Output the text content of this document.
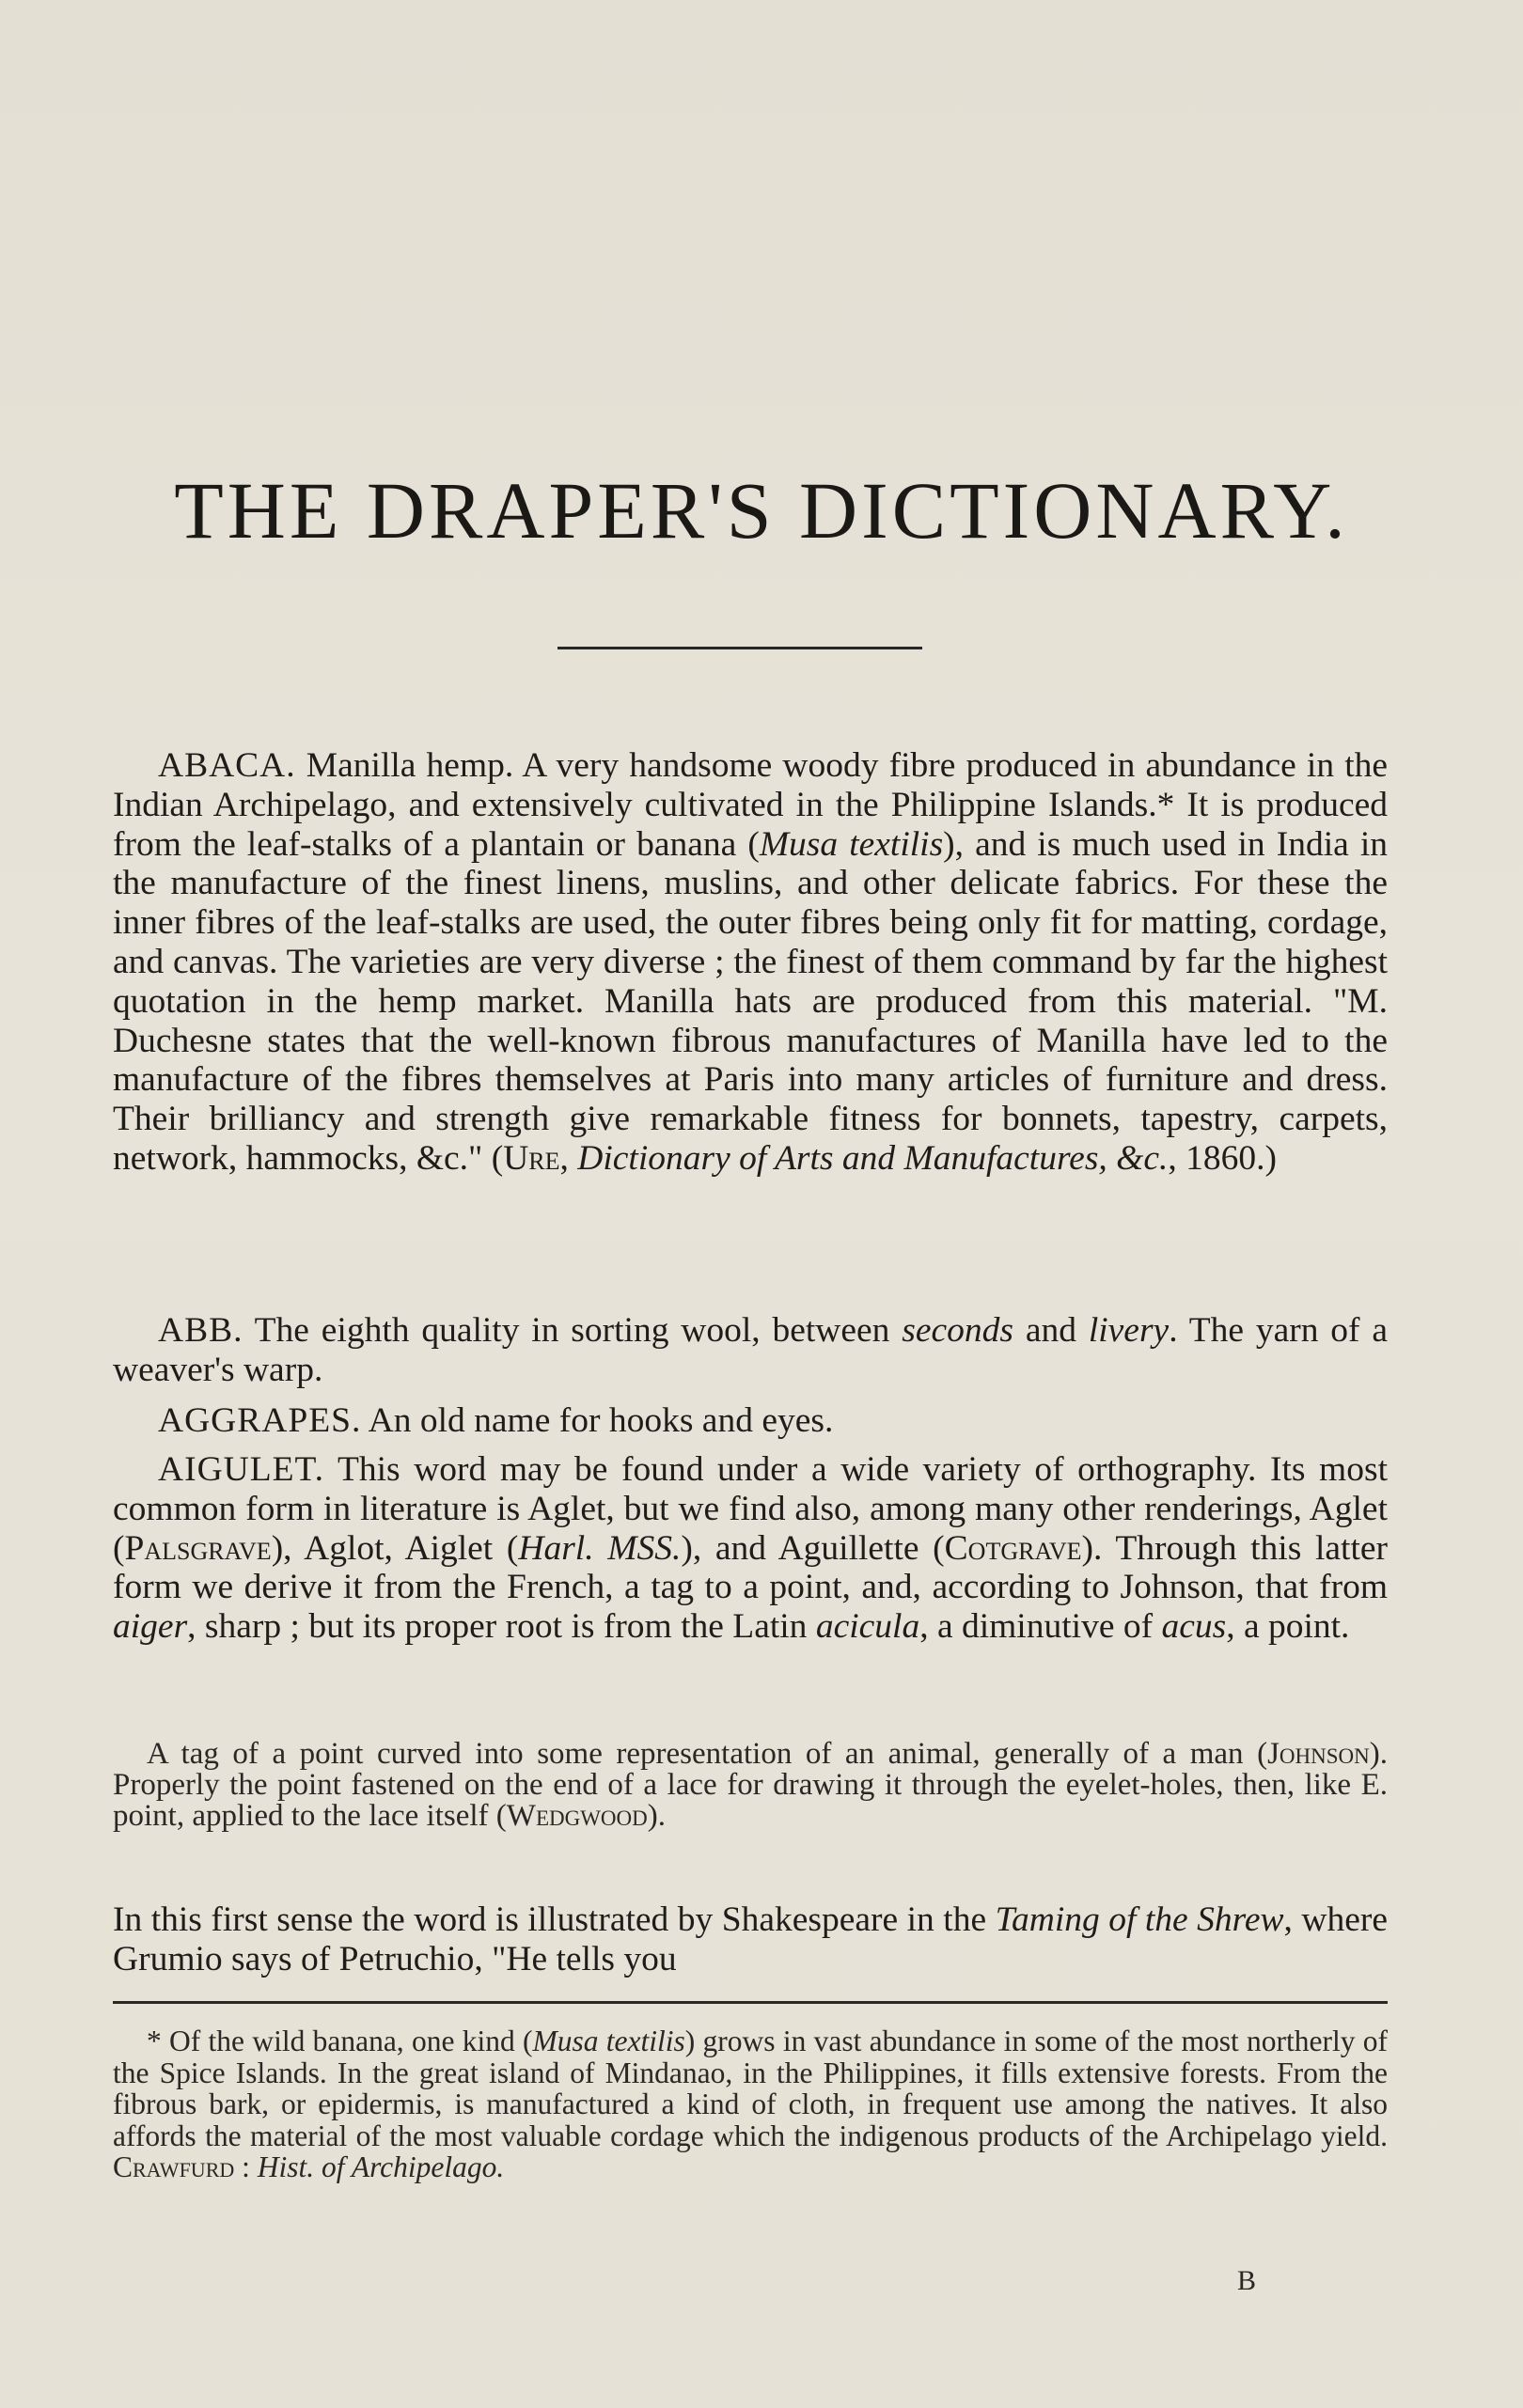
THE DRAPER'S DICTIONARY.

ABACA. Manilla hemp. A very handsome woody fibre produced in abundance in the Indian Archipelago, and extensively cultivated in the Philippine Islands.* It is produced from the leaf-stalks of a plantain or banana (Musa textilis), and is much used in India in the manufacture of the finest linens, muslins, and other delicate fabrics. For these the inner fibres of the leaf-stalks are used, the outer fibres being only fit for matting, cordage, and canvas. The varieties are very diverse ; the finest of them command by far the highest quotation in the hemp market. Manilla hats are produced from this material. "M. Duchesne states that the well-known fibrous manufactures of Manilla have led to the manufacture of the fibres themselves at Paris into many articles of furniture and dress. Their brilliancy and strength give remarkable fitness for bonnets, tapestry, carpets, network, hammocks, &c." (Ure, Dictionary of Arts and Manufactures, &c., 1860.)

ABB. The eighth quality in sorting wool, between seconds and livery. The yarn of a weaver's warp.

AGGRAPES. An old name for hooks and eyes.

AIGULET. This word may be found under a wide variety of orthography. Its most common form in literature is Aglet, but we find also, among many other renderings, Aglet (Palsgrave), Aglot, Aiglet (Harl. MSS.), and Aguillette (Cotgrave). Through this latter form we derive it from the French, a tag to a point, and, according to Johnson, that from aiger, sharp ; but its proper root is from the Latin acicula, a diminutive of acus, a point.

A tag of a point curved into some representation of an animal, generally of a man (Johnson). Properly the point fastened on the end of a lace for drawing it through the eyelet-holes, then, like E. point, applied to the lace itself (Wedgwood).

In this first sense the word is illustrated by Shakespeare in the Taming of the Shrew, where Grumio says of Petruchio, "He tells you

* Of the wild banana, one kind (Musa textilis) grows in vast abundance in some of the most northerly of the Spice Islands. In the great island of Mindanao, in the Philippines, it fills extensive forests. From the fibrous bark, or epidermis, is manufactured a kind of cloth, in frequent use among the natives. It also affords the material of the most valuable cordage which the indigenous products of the Archipelago yield. Crawfurd : Hist. of Archipelago.

B
